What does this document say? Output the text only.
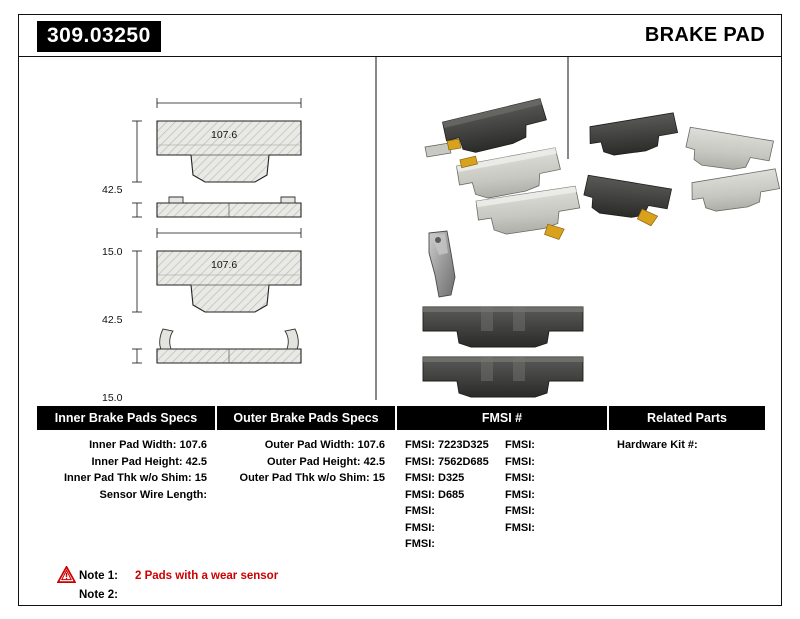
309.03250	BRAKE PAD
107.6
42.5
15.0
107.6
42.5
15.0
Inner Brake Pads Specs	Outer Brake Pads Specs	FMSI #	Related Parts
Inner Pad Width: 107.6
Inner Pad Height: 42.5
Inner Pad Thk w/o Shim: 15
Sensor Wire Length:
Outer Pad Width: 107.6
Outer Pad Height: 42.5
Outer Pad Thk w/o Shim: 15
FMSI: 7223D325	FMSI:
FMSI: 7562D685	FMSI:
FMSI: D325	FMSI:
FMSI: D685	FMSI:
FMSI:	FMSI:
FMSI:	FMSI:
FMSI:
Hardware Kit #:
Note 1:	2 Pads with a wear sensor
Note 2:
